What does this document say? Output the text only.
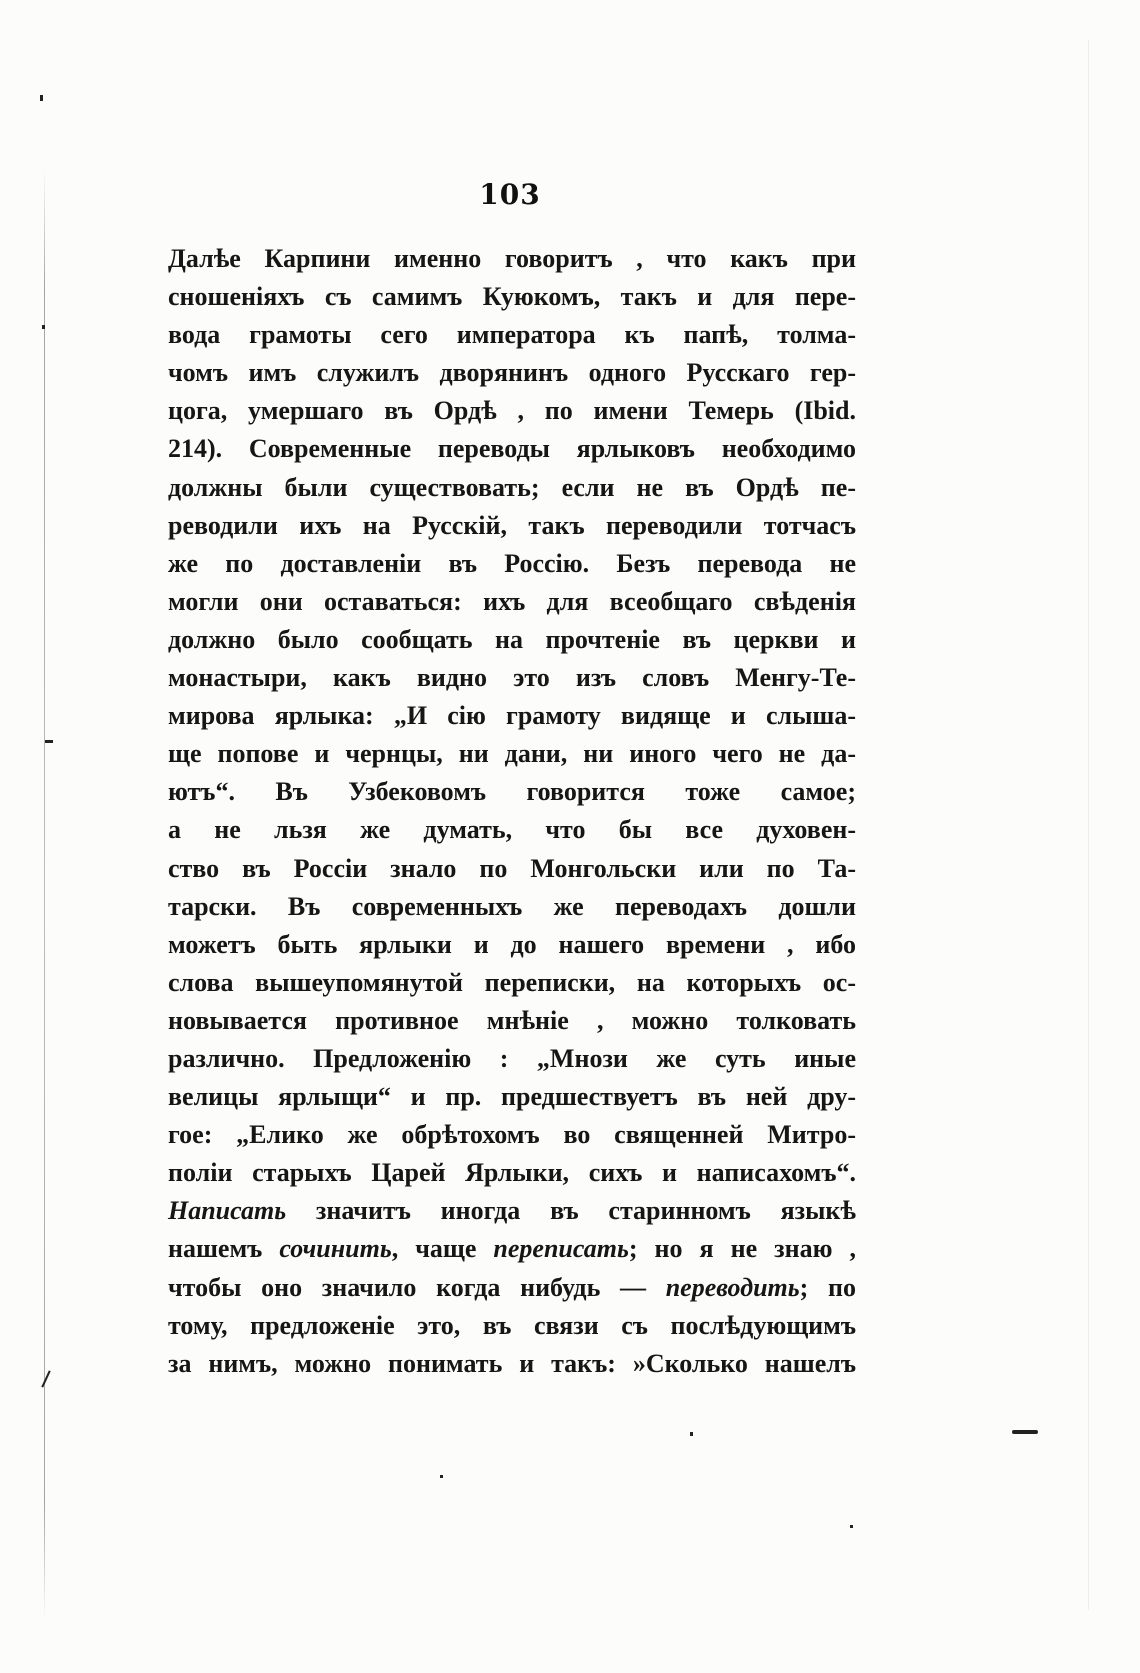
103
Далѣе Карпини именно говоритъ , что какъ при
сношеніяхъ съ самимъ Куюкомъ, такъ и для пере-
вода грамоты сего императора къ папѣ, толма-
чомъ имъ служилъ дворянинъ одного Русскаго гер-
цога, умершаго въ Ордѣ , по имени Темерь (Ibid.
214). Современные переводы ярлыковъ необходимо
должны были существовать; если не въ Ордѣ пе-
реводили ихъ на Русскій, такъ переводили тотчасъ
же по доставленіи въ Россію. Безъ перевода не
могли они оставаться: ихъ для всеобщаго свѣденія
должно было сообщать на прочтеніе въ церкви и
монастыри, какъ видно это изъ словъ Менгу-Те-
мирова ярлыка: „И сію грамоту видяще и слышa-
ще попове и чернцы, ни дани, ни иного чего не да-
ютъ“. Въ Узбековомъ говорится тоже самое;
а не льзя же думать, что бы все духовен-
ство въ Россіи знало по Монгольски или по Та-
тарски. Въ современныхъ же переводахъ дошли
можетъ быть ярлыки и до нашего времени , ибо
слова вышеупомянутой переписки, на которыхъ ос-
новывается противное мнѣніе , можно толковать
различно. Предложенію : „Мнози же суть иные
велицы ярлыщи“ и пр. предшествуетъ въ ней дру-
гое: „Елико же обрѣтохомъ во священней Митро-
поліи старыхъ Царей Ярлыки, сихъ и написахомъ“.
Написать значитъ иногда въ старинномъ языкѣ
нашемъ сочинить, чаще переписать; но я не знаю ,
чтобы оно значило когда нибудь — переводить; по
тому, предложеніе это, въ связи съ послѣдующимъ
за нимъ, можно понимать и такъ: »Сколько нашелъ
